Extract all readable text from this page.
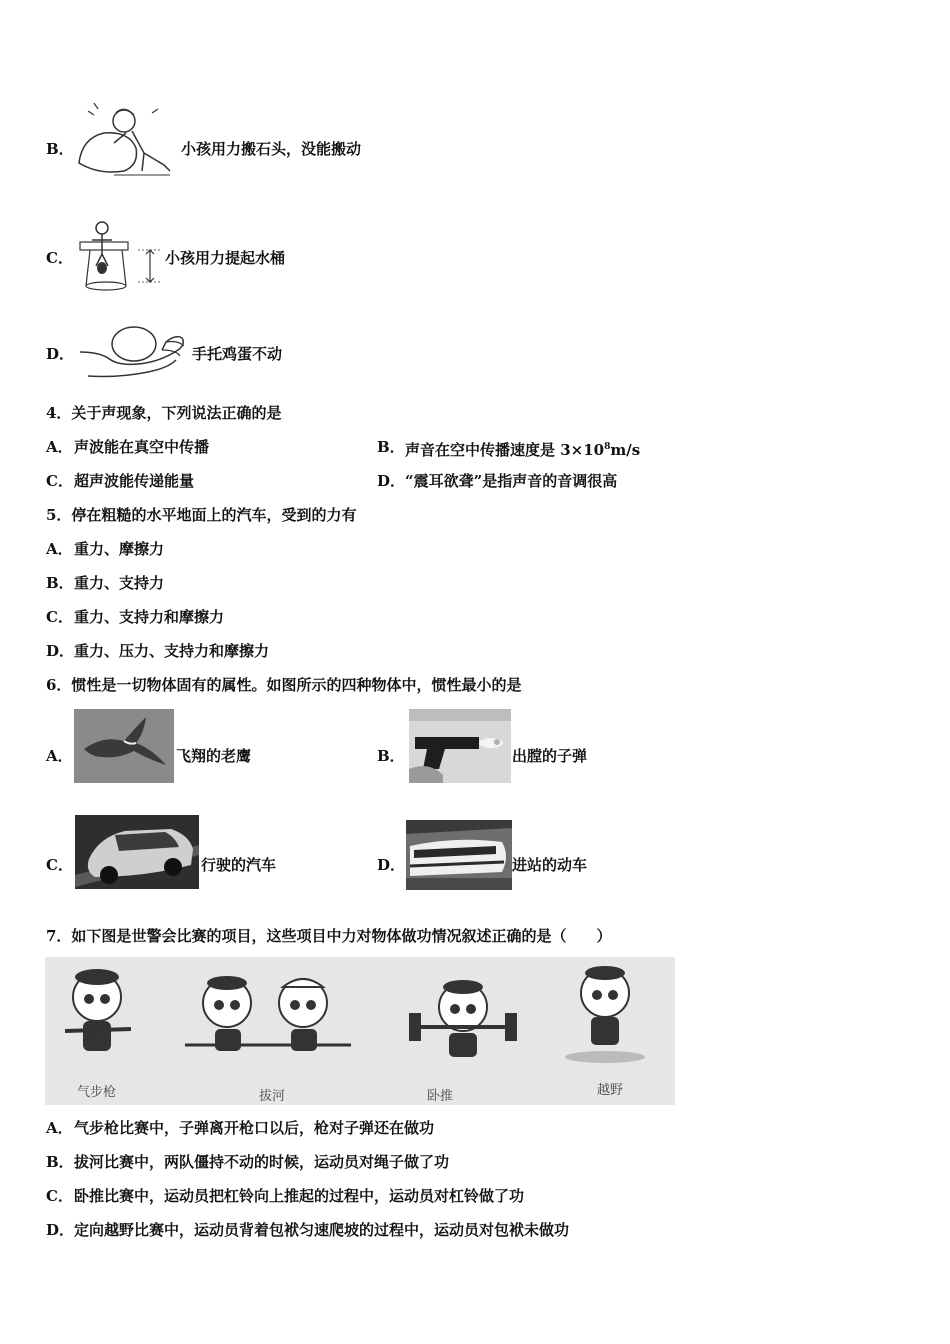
B．	小孩用力搬石头，没能搬动
C．	小孩用力提起水桶
D．	手托鸡蛋不动
4．关于声现象，下列说法正确的是
A． 声波能在真空中传播	B． 声音在空中传播速度是 $3\times 10^8m/s$
C． 超声波能传递能量	D． “震耳欲聋”是指声音的音调很高
5．停在粗糙的水平地面上的汽车，受到的力有
A． 重力、摩擦力
B． 重力、支持力
C． 重力、支持力和摩擦力
D． 重力、压力、支持力和摩擦力
6．惯性是一切物体固有的属性。如图所示的四种物体中，惯性最小的是
A．	飞翔的老鹰	B．	出膛的子弹
C．	行驶的汽车	D．	进站的动车
7．如下图是世警会比赛的项目，这些项目中力对物体做功情况叙述正确的是（　　）
气步枪	拔河	卧推	越野
A． 气步枪比赛中，子弹离开枪口以后，枪对子弹还在做功
B． 拔河比赛中，两队僵持不动的时候，运动员对绳子做了功
C． 卧推比赛中，运动员把杠铃向上推起的过程中，运动员对杠铃做了功
D． 定向越野比赛中，运动员背着包袱匀速爬坡的过程中，运动员对包袱未做功
